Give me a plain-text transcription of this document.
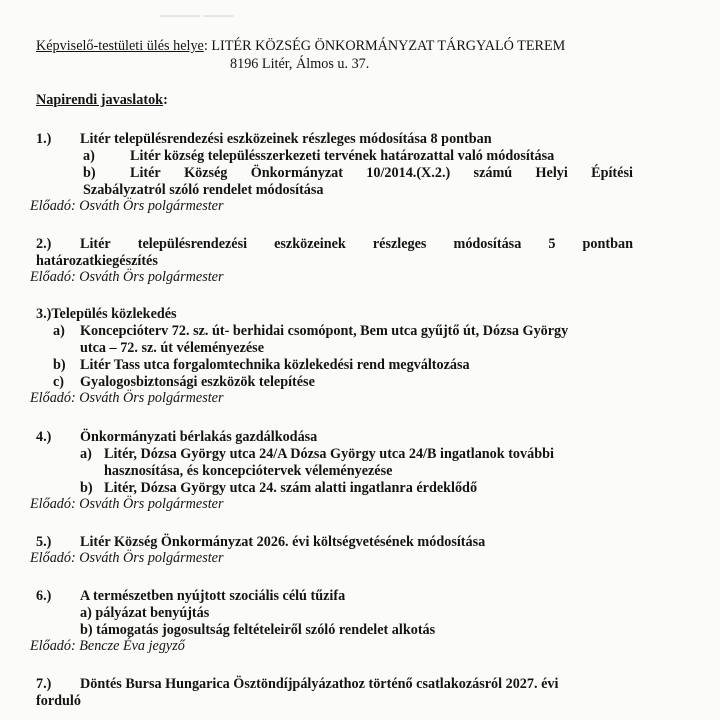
▁▁▁▁ ▁▁▁
Képviselő-testületi ülés helye: LITÉR KÖZSÉG ÖNKORMÁNYZAT TÁRGYALÓ TEREM
8196 Litér, Álmos u. 37.
Napirendi javaslatok:
1.) Litér településrendezési eszközeinek részleges módosítása 8 pontban
a) Litér község településszerkezeti tervének határozattal való módosítása
b) Litér Község Önkormányzat 10/2014.(X.2.) számú Helyi Építési
Szabályzatról szóló rendelet módosítása
Előadó: Osváth Örs polgármester
2.) Litér településrendezési eszközeinek részleges módosítása 5 pontban
határozatkiegészítés
Előadó: Osváth Örs polgármester
3.)Település közlekedés
a) Koncepcióterv 72. sz. út- berhidai csomópont, Bem utca gyűjtő út, Dózsa György
utca – 72. sz. út véleményezése
b) Litér Tass utca forgalomtechnika közlekedési rend megváltozása
c) Gyalogosbiztonsági eszközök telepítése
Előadó: Osváth Örs polgármester
4.) Önkormányzati bérlakás gazdálkodása
a) Litér, Dózsa György utca 24/A Dózsa György utca 24/B ingatlanok további
hasznosítása, és koncepciótervek véleményezése
b) Litér, Dózsa György utca 24. szám alatti ingatlanra érdeklődő
Előadó: Osváth Örs polgármester
5.) Litér Község Önkormányzat 2026. évi költségvetésének módosítása
Előadó: Osváth Örs polgármester
6.) A természetben nyújtott szociális célú tűzifa
a) pályázat benyújtás
b) támogatás jogosultság feltételeiről szóló rendelet alkotás
Előadó: Bencze Éva jegyző
7.) Döntés Bursa Hungarica Ösztöndíjpályázathoz történő csatlakozásról 2027. évi
forduló
